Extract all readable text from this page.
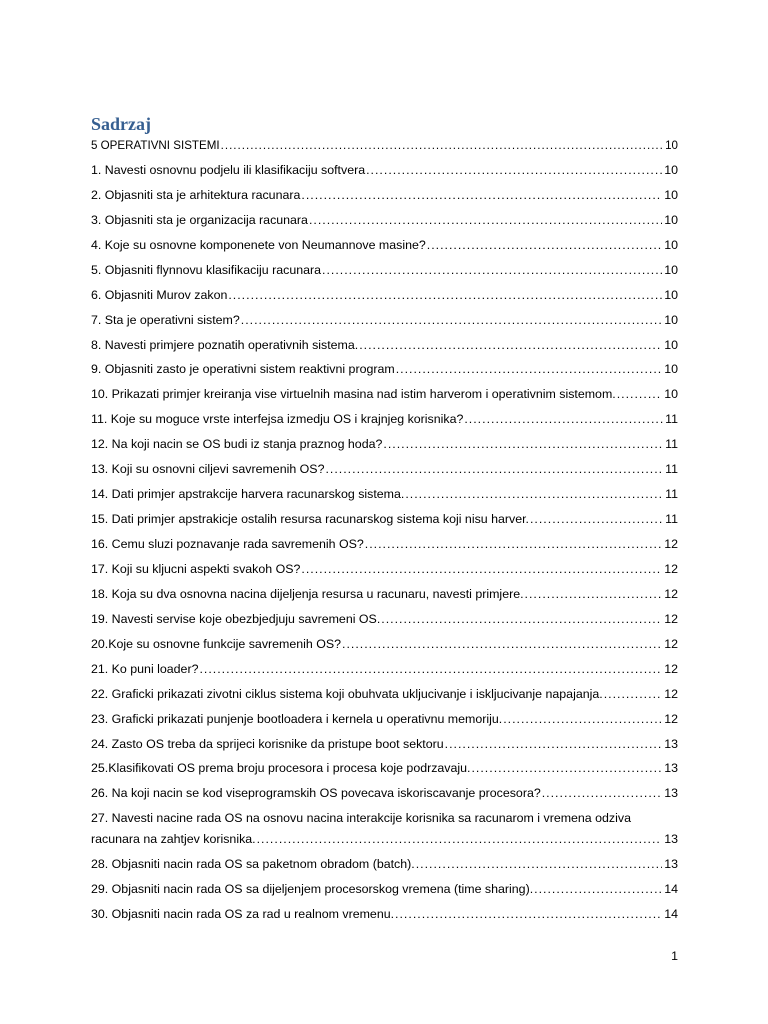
Sadrzaj
5 OPERATIVNI SISTEMI .....	10
1. Navesti osnovnu podjelu ili klasifikaciju softvera .....	10
2. Objasniti sta je arhitektura racunara .....	10
3. Objasniti sta je organizacija racunara .....	10
4. Koje su osnovne komponenete von Neumannove masine? .....	10
5. Objasniti flynnovu klasifikaciju racunara .....	10
6. Objasniti Murov zakon .....	10
7. Sta je operativni sistem? .....	10
8. Navesti primjere poznatih operativnih sistema. .....	10
9. Objasniti zasto je operativni sistem reaktivni program .....	10
10. Prikazati primjer kreiranja vise virtuelnih masina nad istim harverom i operativnim sistemom. .....	10
11. Koje su moguce vrste interfejsa izmedju OS i krajnjeg korisnika? .....	11
12. Na koji nacin se OS budi iz stanja praznog hoda? .....	11
13. Koji su osnovni ciljevi savremenih OS? .....	11
14. Dati primjer apstrakcije harvera racunarskog sistema. .....	11
15. Dati primjer apstrakicje ostalih resursa racunarskog sistema koji nisu harver. .....	11
16. Cemu sluzi poznavanje rada savremenih OS? .....	12
17. Koji su kljucni aspekti svakoh OS? .....	12
18. Koja su dva osnovna nacina dijeljenja resursa u racunaru, navesti primjere. .....	12
19. Navesti servise koje obezbjedjuju savremeni OS. .....	12
20.Koje su osnovne funkcije savremenih OS? .....	12
21. Ko puni loader? .....	12
22. Graficki prikazati zivotni ciklus sistema koji obuhvata ukljucivanje i iskljucivanje napajanja. .....	12
23. Graficki prikazati punjenje bootloadera i kernela u operativnu memoriju. .....	12
24. Zasto OS treba da sprijeci korisnike da pristupe boot sektoru .....	13
25.Klasifikovati OS prema broju procesora i procesa koje podrzavaju. .....	13
26. Na koji nacin se kod viseprogramskih OS povecava iskoriscavanje procesora? .....	13
27. Navesti nacine rada OS na osnovu nacina interakcije korisnika sa racunarom i vremena odziva
racunara na zahtjev korisnika. .....	13
28. Objasniti nacin rada OS sa paketnom obradom (batch). .....	13
29. Objasniti nacin rada OS sa dijeljenjem procesorskog vremena (time sharing). .....	14
30. Objasniti nacin rada OS za rad u realnom vremenu. .....	14
1
